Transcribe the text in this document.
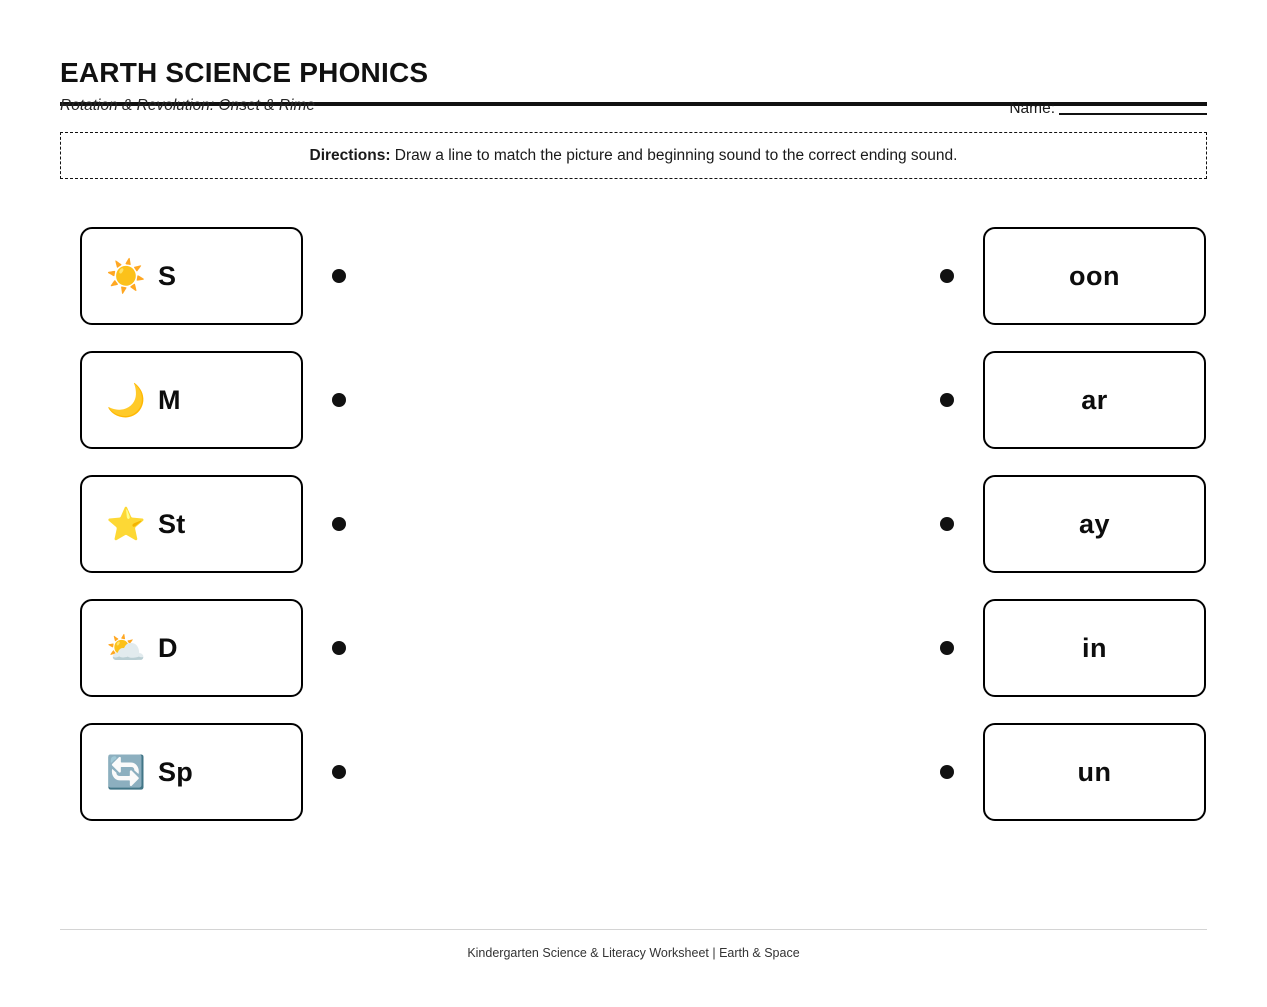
EARTH SCIENCE PHONICS
Rotation & Revolution: Onset & Rime	Name:
Directions: Draw a line to match the picture and beginning sound to the correct ending sound.
☀️ S
🌙 M
⭐ St
⛅ D
🔄 Sp
oon
ar
ay
in
un
Kindergarten Science & Literacy Worksheet | Earth & Space
